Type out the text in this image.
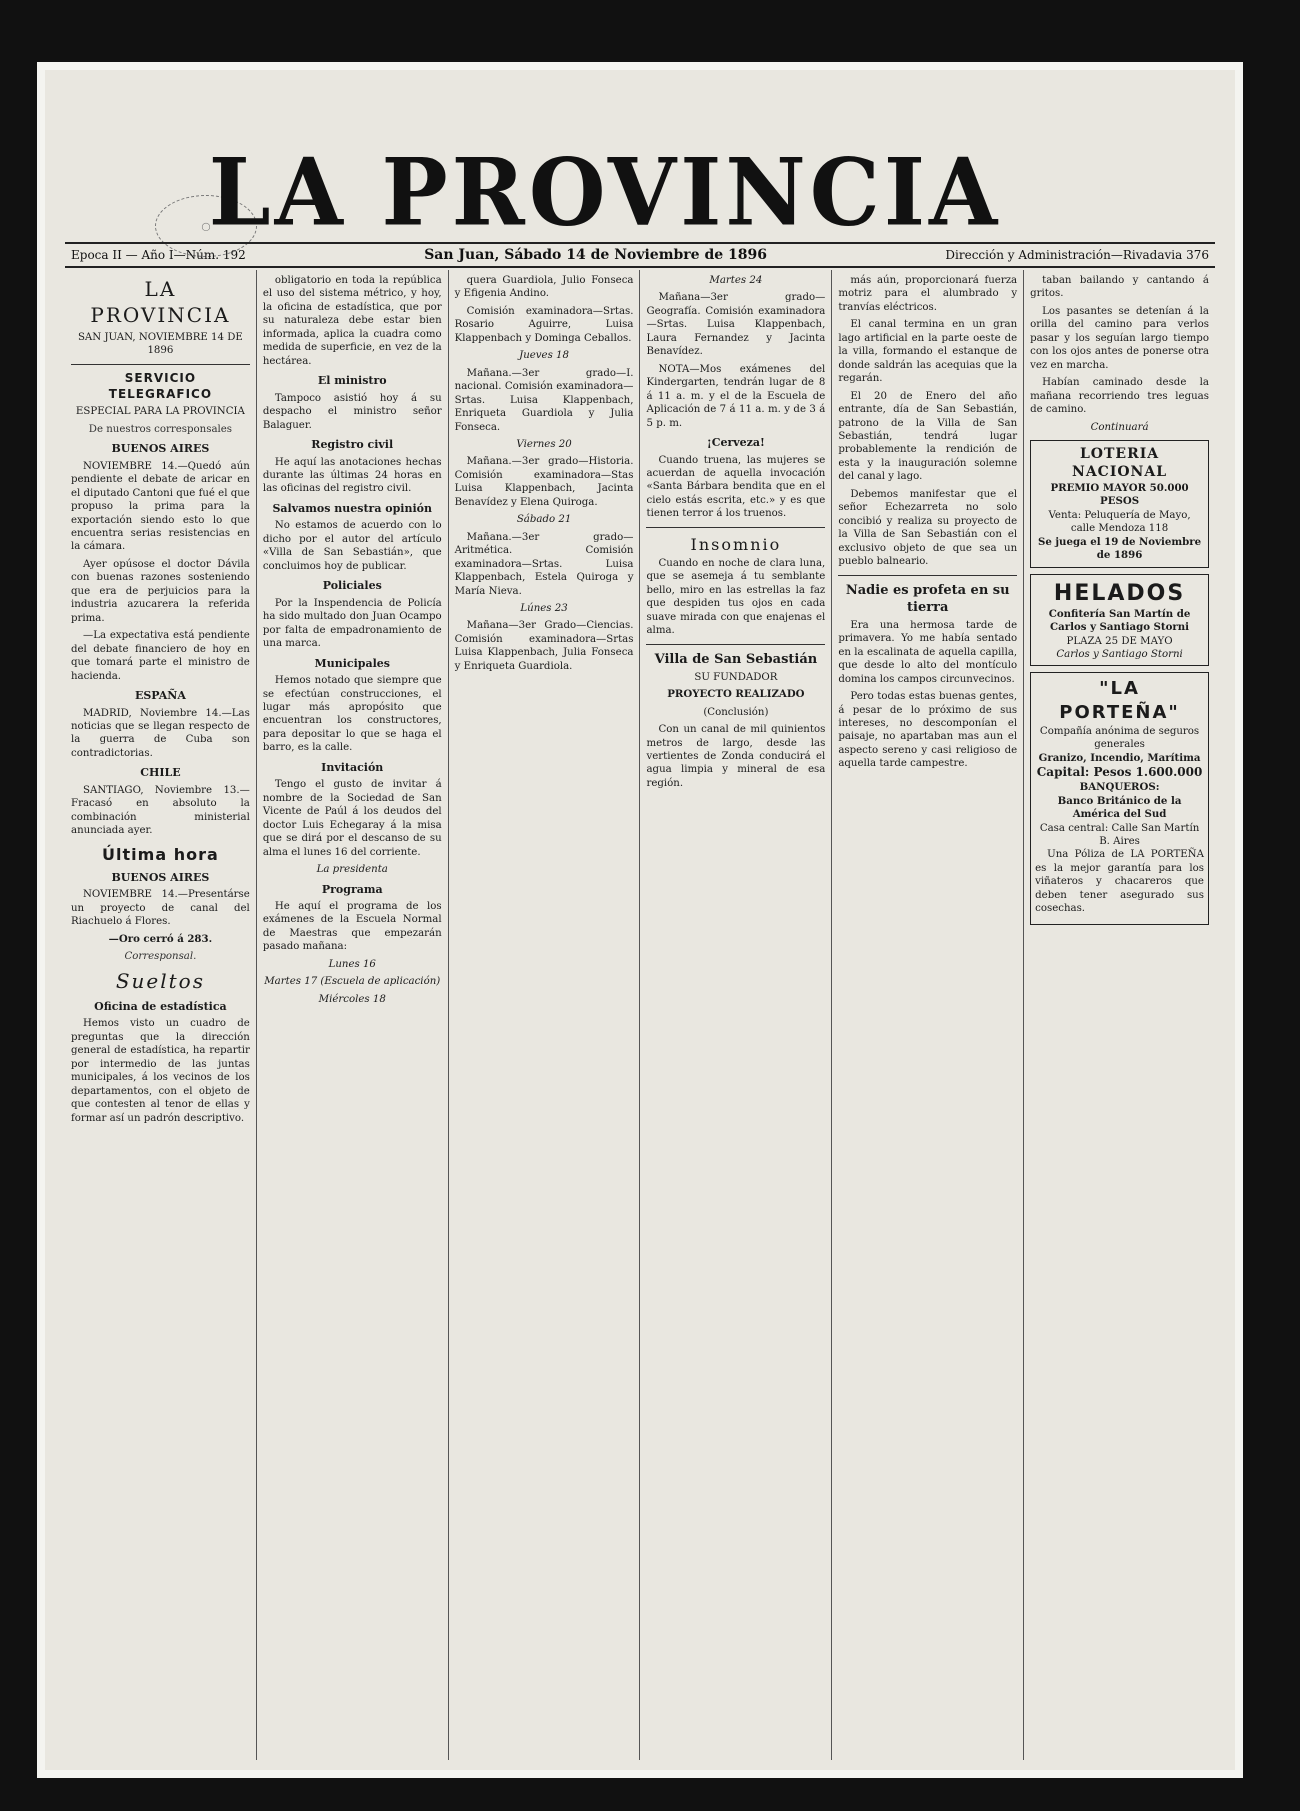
◯
LA PROVINCIA
Epoca II — Año I—Núm. 192	San Juan, Sábado 14 de Noviembre de 1896	Dirección y Administración—Rivadavia 376
LA PROVINCIA

SAN JUAN, NOVIEMBRE 14 DE 1896

SERVICIO TELEGRAFICO

ESPECIAL PARA LA PROVINCIA

De nuestros corresponsales

BUENOS AIRES

NOVIEMBRE 14.—Quedó aún pendiente el debate de aricar en el diputado Cantoni que fué el que propuso la prima para la exportación siendo esto lo que encuentra serias resistencias en la cámara.

Ayer opúsose el doctor Dávila con buenas razones sosteniendo que era de perjuicios para la industria azucarera la referida prima.

—La expectativa está pendiente del debate financiero de hoy en que tomará parte el ministro de hacienda.

ESPAÑA

MADRID, Noviembre 14.—Las noticias que se llegan respecto de la guerra de Cuba son contradictorias.

CHILE

SANTIAGO, Noviembre 13.—Fracasó en absoluto la combinación ministerial anunciada ayer.

Última hora
BUENOS AIRES

NOVIEMBRE 14.—Presentárse un proyecto de canal del Riachuelo á Flores.

—Oro cerró á 283.

Corresponsal.

Sueltos
Oficina de estadística

Hemos visto un cuadro de preguntas que la dirección general de estadística, ha repartir por intermedio de las juntas municipales, á los vecinos de los departamentos, con el objeto de que contesten al tenor de ellas y formar así un padrón descriptivo.

obligatorio en toda la república el uso del sistema métrico, y hoy, la oficina de estadística, que por su naturaleza debe estar bien informada, aplica la cuadra como medida de superficie, en vez de la hectárea.

El ministro

Tampoco asistió hoy á su despacho el ministro señor Balaguer.

Registro civil

He aquí las anotaciones hechas durante las últimas 24 horas en las oficinas del registro civil.

Salvamos nuestra opinión

No estamos de acuerdo con lo dicho por el autor del artículo «Villa de San Sebastián», que concluimos hoy de publicar.

Policiales

Por la Inspendencia de Policía ha sido multado don Juan Ocampo por falta de empadronamiento de una marca.

Municipales

Hemos notado que siempre que se efectúan construcciones, el lugar más apropósito que encuentran los constructores, para depositar lo que se haga el barro, es la calle.

Invitación

Tengo el gusto de invitar á nombre de la Sociedad de San Vicente de Paúl á los deudos del doctor Luis Echegaray á la misa que se dirá por el descanso de su alma el lunes 16 del corriente.

La presidenta

Programa

He aquí el programa de los exámenes de la Escuela Normal de Maestras que empezarán pasado mañana:

Lunes 16

Martes 17 (Escuela de aplicación)

Miércoles 18

quera Guardiola, Julio Fonseca y Efigenia Andino.

Comisión examinadora—Srtas. Rosario Aguirre, Luisa Klappenbach y Dominga Ceballos.

Jueves 18

Mañana.—3er grado—I. nacional. Comisión examinadora—Srtas. Luisa Klappenbach, Enriqueta Guardiola y Julia Fonseca.

Viernes 20

Mañana.—3er grado—Historia. Comisión examinadora—Stas Luisa Klappenbach, Jacinta Benavídez y Elena Quiroga.

Sábado 21

Mañana.—3er grado—Aritmética. Comisión examinadora—Srtas. Luisa Klappenbach, Estela Quiroga y María Nieva.

Lúnes 23

Mañana—3er Grado—Ciencias. Comisión examinadora—Srtas Luisa Klappenbach, Julia Fonseca y Enriqueta Guardiola.

Martes 24

Mañana—3er grado—Geografía. Comisión examinadora—Srtas. Luisa Klappenbach, Laura Fernandez y Jacinta Benavídez.

NOTA—Mos exámenes del Kindergarten, tendrán lugar de 8 á 11 a. m. y el de la Escuela de Aplicación de 7 á 11 a. m. y de 3 á 5 p. m.

¡Cerveza!

Cuando truena, las mujeres se acuerdan de aquella invocación «Santa Bárbara bendita que en el cielo estás escrita, etc.» y es que tienen terror á los truenos.

Insomnio

Cuando en noche de clara luna, que se asemeja á tu semblante bello, miro en las estrellas la faz que despiden tus ojos en cada suave mirada con que enajenas el alma.

Villa de San Sebastián

SU FUNDADOR

PROYECTO REALIZADO

(Conclusión)

Con un canal de mil quinientos metros de largo, desde las vertientes de Zonda conducirá el agua limpia y mineral de esa región.

más aún, proporcionará fuerza motriz para el alumbrado y tranvías eléctricos.

El canal termina en un gran lago artificial en la parte oeste de la villa, formando el estanque de donde saldrán las acequias que la regarán.

El 20 de Enero del año entrante, día de San Sebastián, patrono de la Villa de San Sebastián, tendrá lugar probablemente la rendición de esta y la inauguración solemne del canal y lago.

Debemos manifestar que el señor Echezarreta no solo concibió y realiza su proyecto de la Villa de San Sebastián con el exclusivo objeto de que sea un pueblo balneario.

Nadie es profeta en su tierra

Era una hermosa tarde de primavera. Yo me había sentado en la escalinata de aquella capilla, que desde lo alto del montículo domina los campos circunvecinos.

Pero todas estas buenas gentes, á pesar de lo próximo de sus intereses, no descomponían el paisaje, no apartaban mas aun el aspecto sereno y casi religioso de aquella tarde campestre.

taban bailando y cantando á gritos.

Los pasantes se detenían á la orilla del camino para verlos pasar y los seguían largo tiempo con los ojos antes de ponerse otra vez en marcha.

Habían caminado desde la mañana recorriendo tres leguas de camino.

Continuará

LOTERIA NACIONAL
PREMIO MAYOR 50.000 PESOS
Venta: Peluquería de Mayo, calle Mendoza 118
Se juega el 19 de Noviembre de 1896
HELADOS
Confitería San Martín de Carlos y Santiago Storni
PLAZA 25 DE MAYO
Carlos y Santiago Storni
"LA PORTEÑA"
Compañía anónima de seguros generales
Granizo, Incendio, Marítima
Capital: Pesos 1.600.000
BANQUEROS:
Banco Británico de la América del Sud
Casa central: Calle San Martín B. Aires

Una Póliza de LA PORTEÑA es la mejor garantía para los viñateros y chacareros que deben tener asegurado sus cosechas.
